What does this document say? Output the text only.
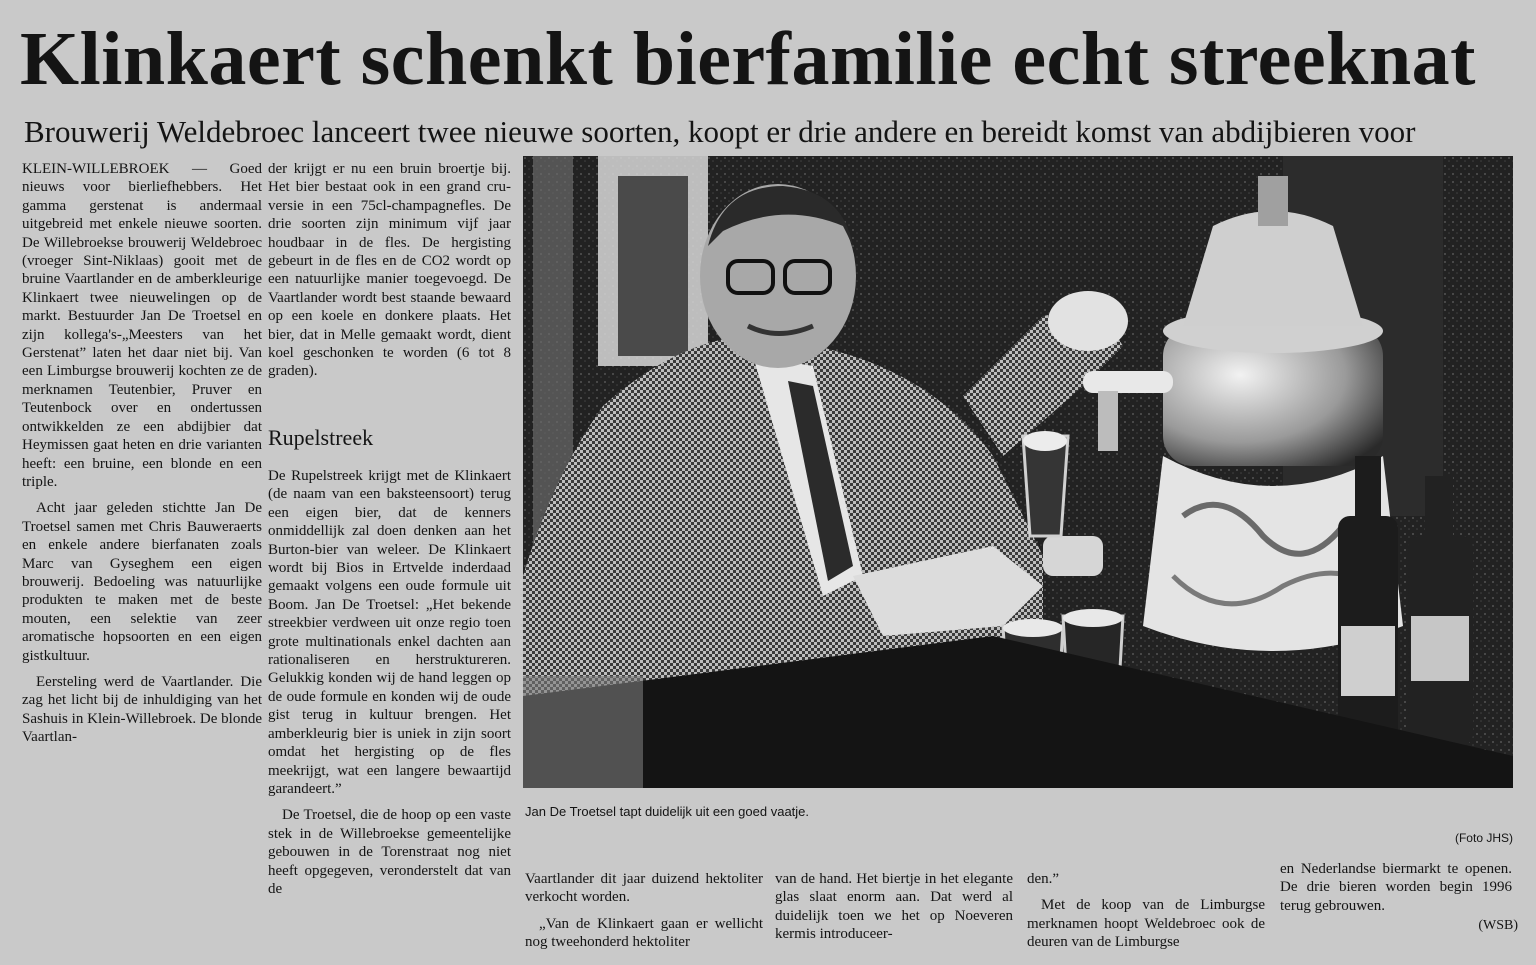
Klinkaert schenkt bierfamilie echt streeknat
Brouwerij Weldebroec lanceert twee nieuwe soorten, koopt er drie andere en bereidt komst van abdijbieren voor

KLEIN-WILLEBROEK — Goed nieuws voor bierliefhebbers. Het gamma gerstenat is andermaal uitgebreid met enkele nieuwe soorten. De Willebroekse brouwerij Weldebroec (vroeger Sint-Niklaas) gooit met de bruine Vaartlander en de amberkleurige Klinkaert twee nieuwelingen op de markt. Bestuurder Jan De Troetsel en zijn kollega's-„Meesters van het Gerstenat” laten het daar niet bij. Van een Limburgse brouwerij kochten ze de merknamen Teutenbier, Pruver en Teutenbock over en ondertussen ontwikkelden ze een abdijbier dat Heymissen gaat heten en drie varianten heeft: een bruine, een blonde en een triple.

Acht jaar geleden stichtte Jan De Troetsel samen met Chris Bauweraerts en enkele andere bierfanaten zoals Marc van Gyseghem een eigen brouwerij. Bedoeling was natuurlijke produkten te maken met de beste mouten, een selektie van zeer aromatische hopsoorten en een eigen gistkultuur.

Eersteling werd de Vaartlander. Die zag het licht bij de inhuldiging van het Sashuis in Klein-Willebroek. De blonde Vaartlan-

der krijgt er nu een bruin broertje bij. Het bier bestaat ook in een grand cru-versie in een 75cl-champagnefles. De drie soorten zijn minimum vijf jaar houdbaar in de fles. De hergisting gebeurt in de fles en de CO2 wordt op een natuurlijke manier toegevoegd. De Vaartlander wordt best staande bewaard op een koele en donkere plaats. Het bier, dat in Melle gemaakt wordt, dient koel geschonken te worden (6 tot 8 graden).

Rupelstreek

De Rupelstreek krijgt met de Klinkaert (de naam van een baksteensoort) terug een eigen bier, dat de kenners onmiddellijk zal doen denken aan het Burton-bier van weleer. De Klinkaert wordt bij Bios in Ertvelde inderdaad gemaakt volgens een oude formule uit Boom. Jan De Troetsel: „Het bekende streekbier verdween uit onze regio toen grote multinationals enkel dachten aan rationaliseren en herstruktureren. Gelukkig konden wij de hand leggen op de oude formule en konden wij de oude gist terug in kultuur brengen. Het amberkleurig bier is uniek in zijn soort omdat het hergisting op de fles meekrijgt, wat een langere bewaartijd garandeert.”

De Troetsel, die de hoop op een vaste stek in de Willebroekse gemeentelijke gebouwen in de Torenstraat nog niet heeft opgegeven, veronderstelt dat van de

Jan De Troetsel tapt duidelijk uit een goed vaatje.
(Foto JHS)

Vaartlander dit jaar duizend hektoliter verkocht worden.

„Van de Klinkaert gaan er wellicht nog tweehonderd hektoliter

van de hand. Het biertje in het elegante glas slaat enorm aan. Dat werd al duidelijk toen we het op Noeveren kermis introduceer-

den.”

Met de koop van de Limburgse merknamen hoopt Weldebroec ook de deuren van de Limburgse

en Nederlandse biermarkt te openen. De drie bieren worden begin 1996 terug gebrouwen.

(WSB)
